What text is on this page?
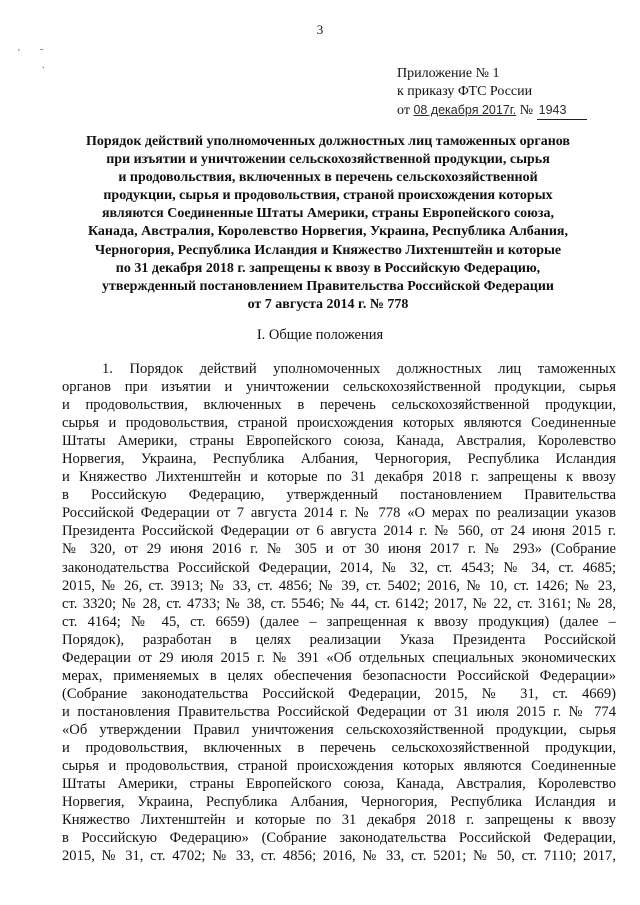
3
-
'
.
Приложение № 1
к приказу ФТС России
от 08 декабря 2017г. № 1943
Порядок действий уполномоченных должностных лиц таможенных органов
при изъятии и уничтожении сельскохозяйственной продукции, сырья
и продовольствия, включенных в перечень сельскохозяйственной
продукции, сырья и продовольствия, страной происхождения которых
являются Соединенные Штаты Америки, страны Европейского союза,
Канада, Австралия, Королевство Норвегия, Украина, Республика Албания,
Черногория, Республика Исландия и Княжество Лихтенштейн и которые
по 31 декабря 2018 г. запрещены к ввозу в Российскую Федерацию,
утвержденный постановлением Правительства Российской Федерации
от 7 августа 2014 г. № 778
I. Общие положения
1. Порядок действий уполномоченных должностных лиц таможенных
органов при изъятии и уничтожении сельскохозяйственной продукции, сырья
и продовольствия, включенных в перечень сельскохозяйственной продукции,
сырья и продовольствия, страной происхождения которых являются Соединенные
Штаты Америки, страны Европейского союза, Канада, Австралия, Королевство
Норвегия, Украина, Республика Албания, Черногория, Республика Исландия
и Княжество Лихтенштейн и которые по 31 декабря 2018 г. запрещены к ввозу
в Российскую Федерацию, утвержденный постановлением Правительства
Российской Федерации от 7 августа 2014 г. № 778 «О мерах по реализации указов
Президента Российской Федерации от 6 августа 2014 г. № 560, от 24 июня 2015 г.
№ 320, от 29 июня 2016 г. № 305 и от 30 июня 2017 г. № 293» (Собрание
законодательства Российской Федерации, 2014, № 32, ст. 4543; № 34, ст. 4685;
2015, № 26, ст. 3913; № 33, ст. 4856; № 39, ст. 5402; 2016, № 10, ст. 1426; № 23,
ст. 3320; № 28, ст. 4733; № 38, ст. 5546; № 44, ст. 6142; 2017, № 22, ст. 3161; № 28,
ст. 4164; № 45, ст. 6659) (далее – запрещенная к ввозу продукция) (далее –
Порядок), разработан в целях реализации Указа Президента Российской
Федерации от 29 июля 2015 г. № 391 «Об отдельных специальных экономических
мерах, применяемых в целях обеспечения безопасности Российской Федерации»
(Собрание законодательства Российской Федерации, 2015, № 31, ст. 4669)
и постановления Правительства Российской Федерации от 31 июля 2015 г. № 774
«Об утверждении Правил уничтожения сельскохозяйственной продукции, сырья
и продовольствия, включенных в перечень сельскохозяйственной продукции,
сырья и продовольствия, страной происхождения которых являются Соединенные
Штаты Америки, страны Европейского союза, Канада, Австралия, Королевство
Норвегия, Украина, Республика Албания, Черногория, Республика Исландия и
Княжество Лихтенштейн и которые по 31 декабря 2018 г. запрещены к ввозу
в Российскую Федерацию» (Собрание законодательства Российской Федерации,
2015, № 31, ст. 4702; № 33, ст. 4856; 2016, № 33, ст. 5201; № 50, ст. 7110; 2017,
